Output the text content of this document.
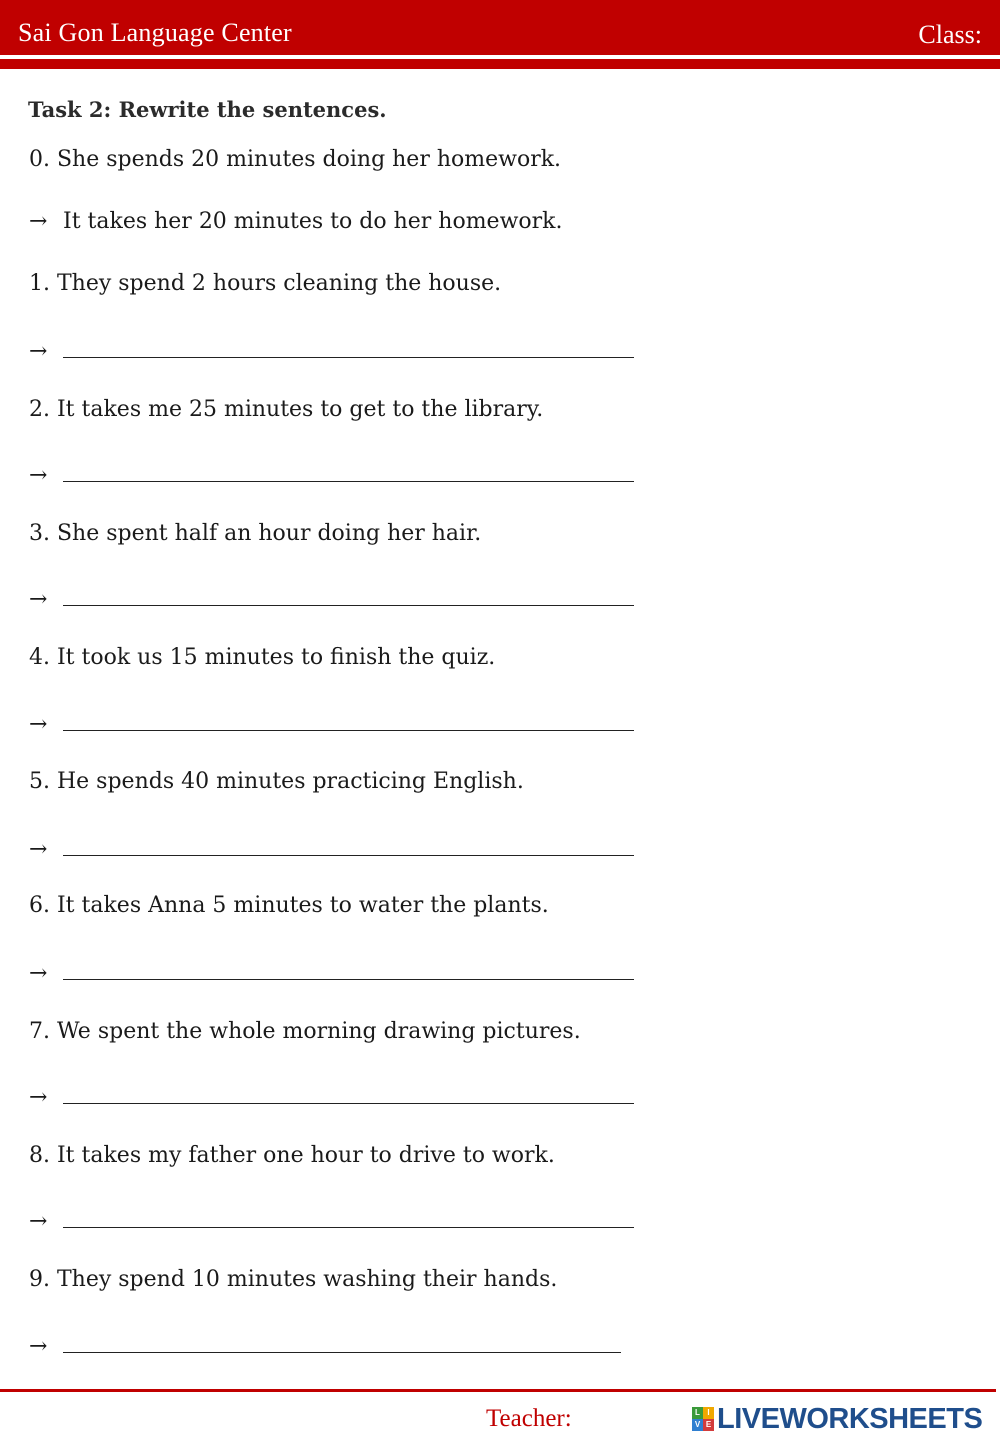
Sai Gon Language Center	Class:
Task 2: Rewrite the sentences.
0. She spends 20 minutes doing her homework.
→ It takes her 20 minutes to do her homework.
1. They spend 2 hours cleaning the house.
→
2. It takes me 25 minutes to get to the library.
→
3. She spent half an hour doing her hair.
→
4. It took us 15 minutes to finish the quiz.
→
5. He spends 40 minutes practicing English.
→
6. It takes Anna 5 minutes to water the plants.
→
7. We spent the whole morning drawing pictures.
→
8. It takes my father one hour to drive to work.
→
9. They spend 10 minutes washing their hands.
→
Teacher:	L I
V E LIVEWORKSHEETS
